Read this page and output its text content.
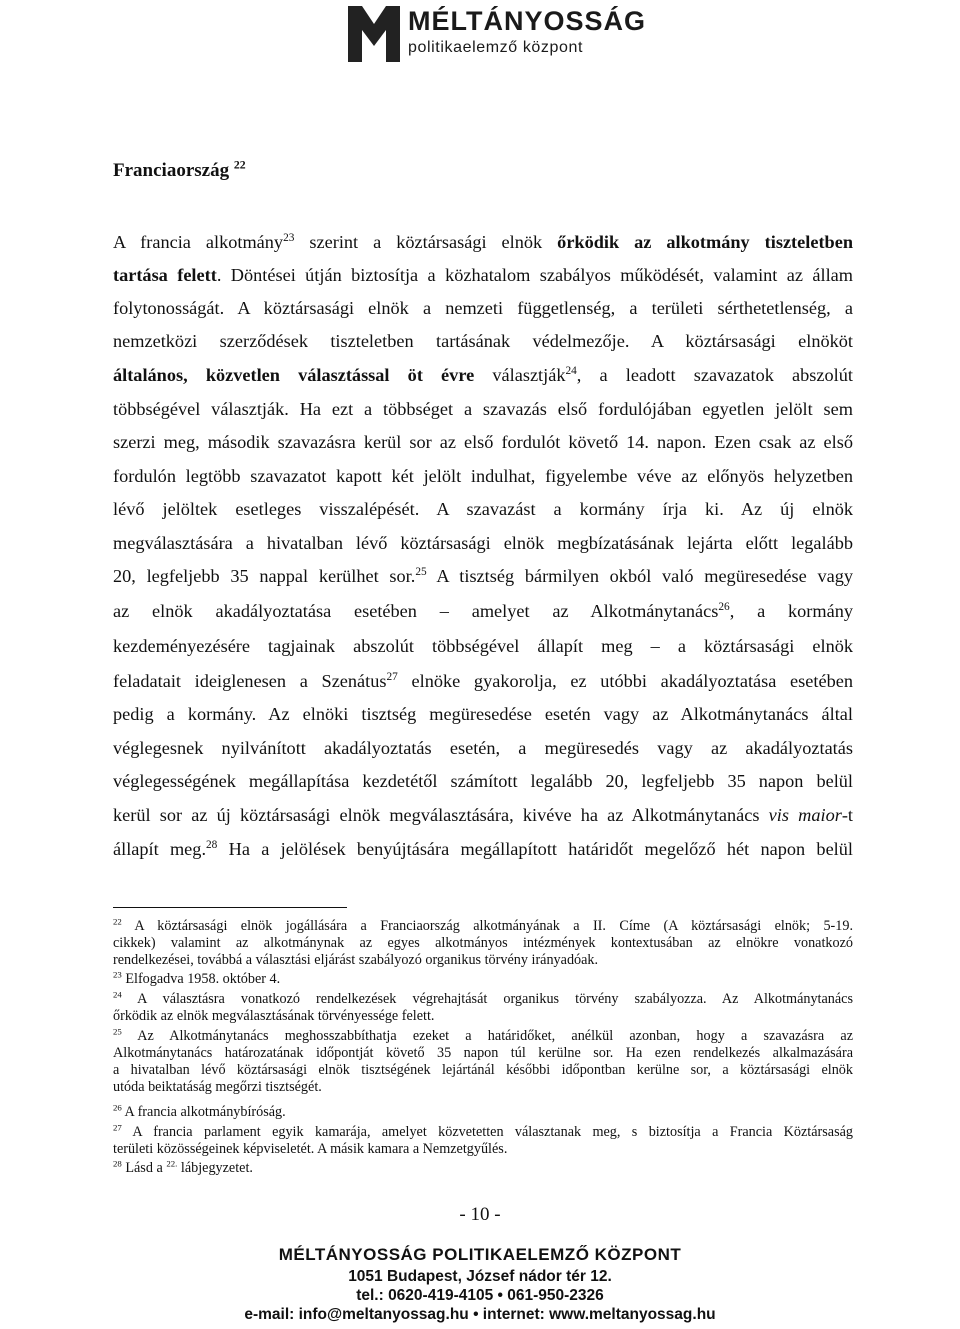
MÉLTÁNYOSSÁG
politikaelemző központ
Franciaország $^{22}$
A francia alkotmány$^{23}$ szerint a köztársasági elnök őrködik az alkotmány tiszteletben
tartása felett. Döntései útján biztosítja a közhatalom szabályos működését, valamint az állam
folytonosságát. A köztársasági elnök a nemzeti függetlenség, a területi sérthetetlenség, a
nemzetközi szerződések tiszteletben tartásának védelmezője. A köztársasági elnököt
általános, közvetlen választással öt évre választják$^{24}$, a leadott szavazatok abszolút
többségével választják. Ha ezt a többséget a szavazás első fordulójában egyetlen jelölt sem
szerzi meg, második szavazásra kerül sor az első fordulót követő 14. napon. Ezen csak az első
fordulón legtöbb szavazatot kapott két jelölt indulhat, figyelembe véve az előnyös helyzetben
lévő jelöltek esetleges visszalépését. A szavazást a kormány írja ki. Az új elnök
megválasztására a hivatalban lévő köztársasági elnök megbízatásának lejárta előtt legalább
20, legfeljebb 35 nappal kerülhet sor.$^{25}$ A tisztség bármilyen okból való megüresedése vagy
az elnök akadályoztatása esetében – amelyet az Alkotmánytanács$^{26}$, a kormány
kezdeményezésére tagjainak abszolút többségével állapít meg – a köztársasági elnök
feladatait ideiglenesen a Szenátus$^{27}$ elnöke gyakorolja, ez utóbbi akadályoztatása esetében
pedig a kormány. Az elnöki tisztség megüresedése esetén vagy az Alkotmánytanács által
véglegesnek nyilvánított akadályoztatás esetén, a megüresedés vagy az akadályoztatás
véglegességének megállapítása kezdetétől számított legalább 20, legfeljebb 35 napon belül
kerül sor az új köztársasági elnök megválasztására, kivéve ha az Alkotmánytanács vis maior-t
állapít meg.$^{28}$ Ha a jelölések benyújtására megállapított határidőt megelőző hét napon belül
$^{22}$ A köztársasági elnök jogállására a Franciaország alkotmányának a II. Címe (A köztársasági elnök; 5-19.
cikkek) valamint az alkotmánynak az egyes alkotmányos intézmények kontextusában az elnökre vonatkozó
rendelkezései, továbbá a választási eljárást szabályozó organikus törvény irányadóak.
$^{23}$ Elfogadva 1958. október 4.
$^{24}$ A választásra vonatkozó rendelkezések végrehajtását organikus törvény szabályozza. Az Alkotmánytanács
őrködik az elnök megválasztásának törvényessége felett.
$^{25}$ Az Alkotmánytanács meghosszabbíthatja ezeket a határidőket, anélkül azonban, hogy a szavazásra az
Alkotmánytanács határozatának időpontját követő 35 napon túl kerülne sor. Ha ezen rendelkezés alkalmazására
a hivatalban lévő köztársasági elnök tisztségének lejártánál későbbi időpontban kerülne sor, a köztársasági elnök
utóda beiktatáság megőrzi tisztségét.
$^{26}$ A francia alkotmánybíróság.
$^{27}$ A francia parlament egyik kamarája, amelyet közvetetten választanak meg, s biztosítja a Francia Köztársaság
területi közösségeinek képviseletét. A másik kamara a Nemzetgyűlés.
$^{28}$ Lásd a $^{22.}$ lábjegyzetet.
- 10 -
MÉLTÁNYOSSÁG POLITIKAELEMZŐ KÖZPONT
1051 Budapest, József nádor tér 12.
tel.: 0620-419-4105 • 061-950-2326
e-mail: info@meltanyossag.hu • internet: www.meltanyossag.hu
